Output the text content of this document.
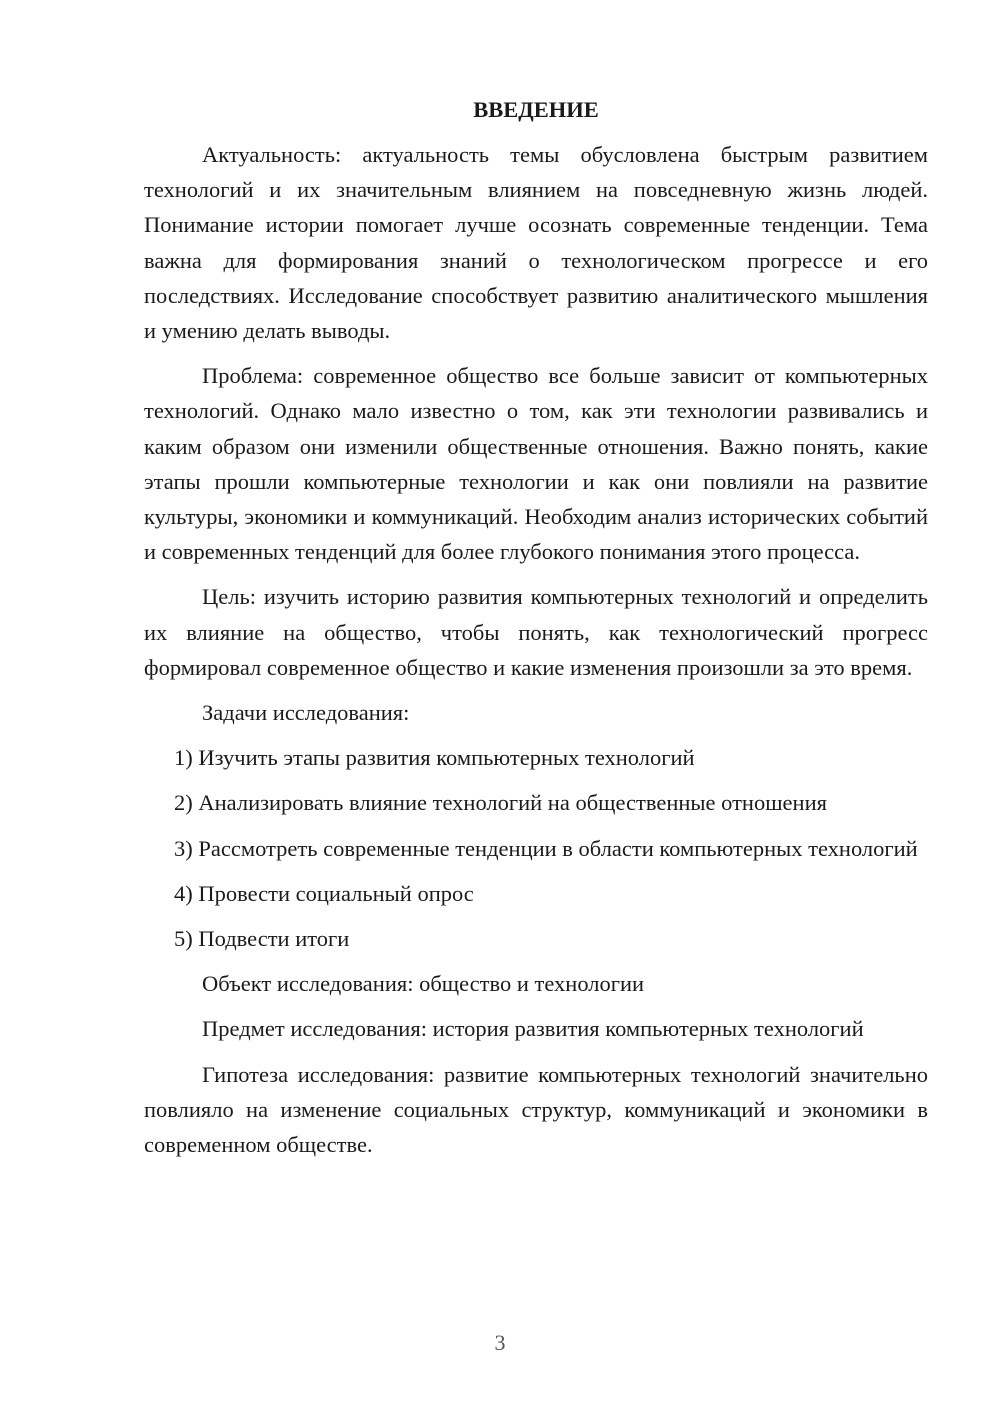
ВВЕДЕНИЕ

Актуальность: актуальность темы обусловлена быстрым развитием технологий и их значительным влиянием на повседневную жизнь людей. Понимание истории помогает лучше осознать современные тенденции. Тема важна для формирования знаний о технологическом прогрессе и его последствиях. Исследование способствует развитию аналитического мышления и умению делать выводы.

Проблема: современное общество все больше зависит от компьютерных технологий. Однако мало известно о том, как эти технологии развивались и каким образом они изменили общественные отношения. Важно понять, какие этапы прошли компьютерные технологии и как они повлияли на развитие культуры, экономики и коммуникаций. Необходим анализ исторических событий и современных тенденций для более глубокого понимания этого процесса.

Цель: изучить историю развития компьютерных технологий и определить их влияние на общество, чтобы понять, как технологический прогресс формировал современное общество и какие изменения произошли за это время.

Задачи исследования:

1) Изучить этапы развития компьютерных технологий

2) Анализировать влияние технологий на общественные отношения

3) Рассмотреть современные тенденции в области компьютерных технологий

4) Провести социальный опрос

5) Подвести итоги

Объект исследования: общество и технологии

Предмет исследования: история развития компьютерных технологий

Гипотеза исследования: развитие компьютерных технологий значительно повлияло на изменение социальных структур, коммуникаций и экономики в современном обществе.

3
